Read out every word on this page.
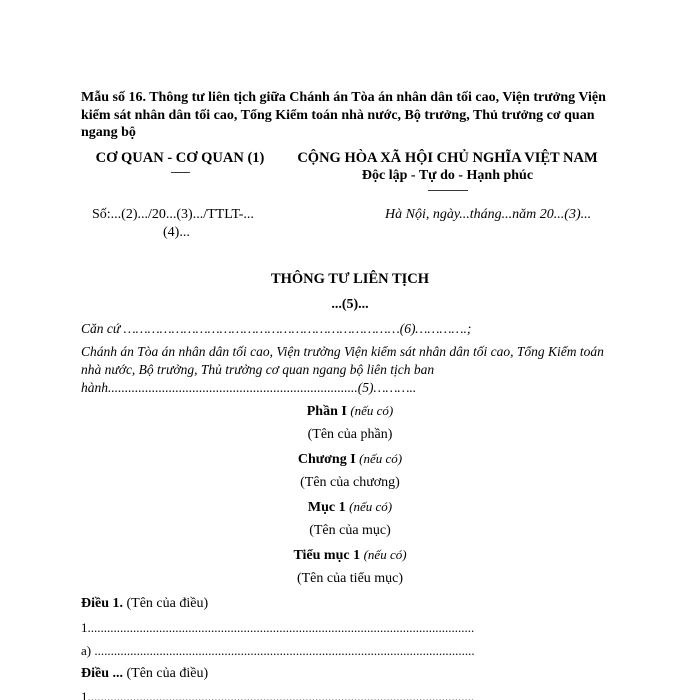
Mẫu số 16. Thông tư liên tịch giữa Chánh án Tòa án nhân dân tối cao, Viện trưởng Viện kiểm sát nhân dân tối cao, Tổng Kiểm toán nhà nước, Bộ trưởng, Thủ trưởng cơ quan ngang bộ
CƠ QUAN - CƠ QUAN (1)
-------
CỘNG HÒA XÃ HỘI CHỦ NGHĨA VIỆT NAM
Độc lập - Tự do - Hạnh phúc
---------------
Số:...(2).../20...(3).../TTLT-...
(4)...
Hà Nội, ngày...tháng...năm 20...(3)...
THÔNG TƯ LIÊN TỊCH
...(5)...
Căn cứ ……………………………………………………………(6)………….;
Chánh án Tòa án nhân dân tối cao, Viện trưởng Viện kiểm sát nhân dân tối cao, Tổng Kiểm toán nhà nước, Bộ trưởng, Thủ trưởng cơ quan ngang bộ liên tịch ban hành..........................................................................(5)………..
Phần I (nếu có)
(Tên của phần)
Chương I (nếu có)
(Tên của chương)
Mục 1 (nếu có)
(Tên của mục)
Tiểu mục 1 (nếu có)
(Tên của tiểu mục)
Điều 1. (Tên của điều)
1.......................................................................................................................
a) .....................................................................................................................
Điều ... (Tên của điều)
1.......................................................................................................................
